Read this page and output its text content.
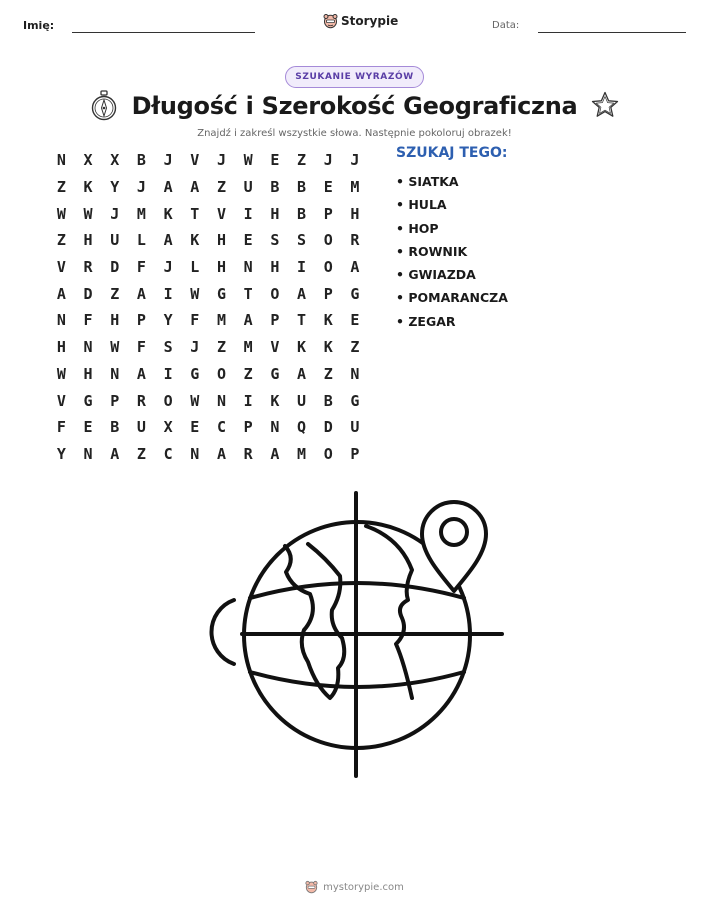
Imię:	Storypie	Data:
SZUKANIE WYRAZÓW
Długość i Szerokość Geograficzna
Znajdź i zakreśl wszystkie słowa. Następnie pokoloruj obrazek!
N	X	X	B	J	V	J	W	E	Z	J	J
Z	K	Y	J	A	A	Z	U	B	B	E	M
W	W	J	M	K	T	V	I	H	B	P	H
Z	H	U	L	A	K	H	E	S	S	O	R
V	R	D	F	J	L	H	N	H	I	O	A
A	D	Z	A	I	W	G	T	O	A	P	G
N	F	H	P	Y	F	M	A	P	T	K	E
H	N	W	F	S	J	Z	M	V	K	K	Z
W	H	N	A	I	G	O	Z	G	A	Z	N
V	G	P	R	O	W	N	I	K	U	B	G
F	E	B	U	X	E	C	P	N	Q	D	U
Y	N	A	Z	C	N	A	R	A	M	O	P
SZUKAJ TEGO:
• SIATKA
• HULA
• HOP
• ROWNIK
• GWIAZDA
• POMARANCZA
• ZEGAR
mystorypie.com
